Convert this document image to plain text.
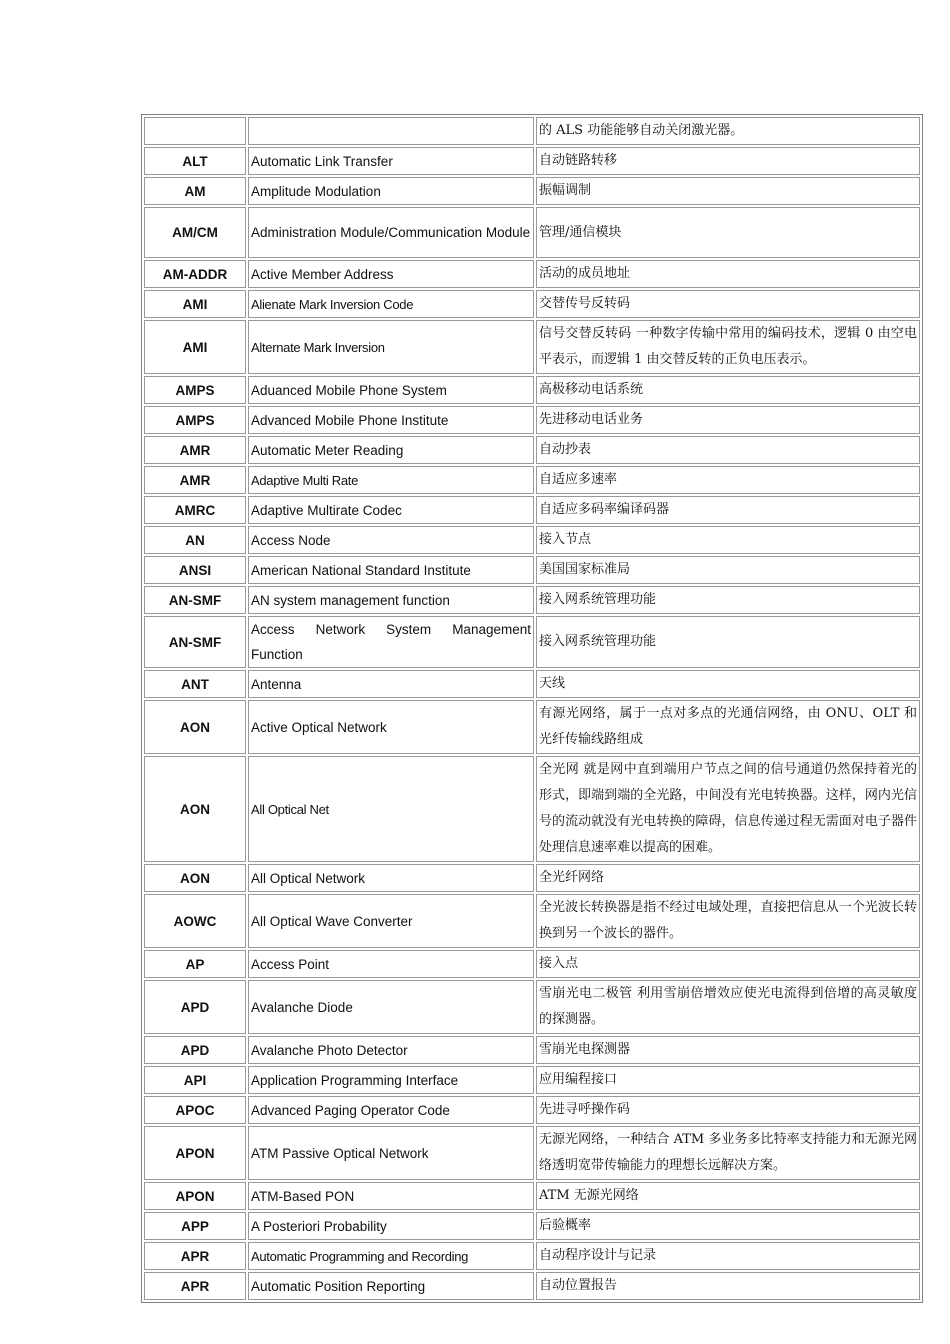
		的 ALS 功能能够自动关闭激光器。
ALT	Automatic Link Transfer	自动链路转移
AM	Amplitude Modulation	振幅调制
AM/CM	Administration Module/Communication Module	管理/通信模块
AM-ADDR	Active Member Address	活动的成员地址
AMI	Alienate Mark Inversion Code	交替传号反转码
AMI	Alternate Mark Inversion	信号交替反转码 一种数字传输中常用的编码技术，逻辑 0 由空电平表示，而逻辑 1 由交替反转的正负电压表示。
AMPS	Aduanced Mobile Phone System	高极移动电话系统
AMPS	Advanced Mobile Phone Institute	先进移动电话业务
AMR	Automatic Meter Reading	自动抄表
AMR	Adaptive Multi Rate	自适应多速率
AMRC	Adaptive Multirate Codec	自适应多码率编译码器
AN	Access Node	接入节点
ANSI	American National Standard Institute	美国国家标准局
AN-SMF	AN system management function	接入网系统管理功能
AN-SMF	Access Network System Management Function	接入网系统管理功能
ANT	Antenna	天线
AON	Active Optical Network	有源光网络，属于一点对多点的光通信网络，由 ONU、OLT 和光纤传输线路组成
AON	All Optical Net	全光网 就是网中直到端用户节点之间的信号通道仍然保持着光的形式，即端到端的全光路，中间没有光电转换器。这样，网内光信号的流动就没有光电转换的障碍，信息传递过程无需面对电子器件处理信息速率难以提高的困难。
AON	All Optical Network	全光纤网络
AOWC	All Optical Wave Converter	全光波长转换器是指不经过电域处理，直接把信息从一个光波长转换到另一个波长的器件。
AP	Access Point	接入点
APD	Avalanche Diode	雪崩光电二极管 利用雪崩倍增效应使光电流得到倍增的高灵敏度的探测器。
APD	Avalanche Photo Detector	雪崩光电探测器
API	Application Programming Interface	应用编程接口
APOC	Advanced Paging Operator Code	先进寻呼操作码
APON	ATM Passive Optical Network	无源光网络，一种结合 ATM 多业务多比特率支持能力和无源光网络透明宽带传输能力的理想长远解决方案。
APON	ATM-Based PON	ATM 无源光网络
APP	A Posteriori Probability	后验概率
APR	Automatic Programming and Recording	自动程序设计与记录
APR	Automatic Position Reporting	自动位置报告
